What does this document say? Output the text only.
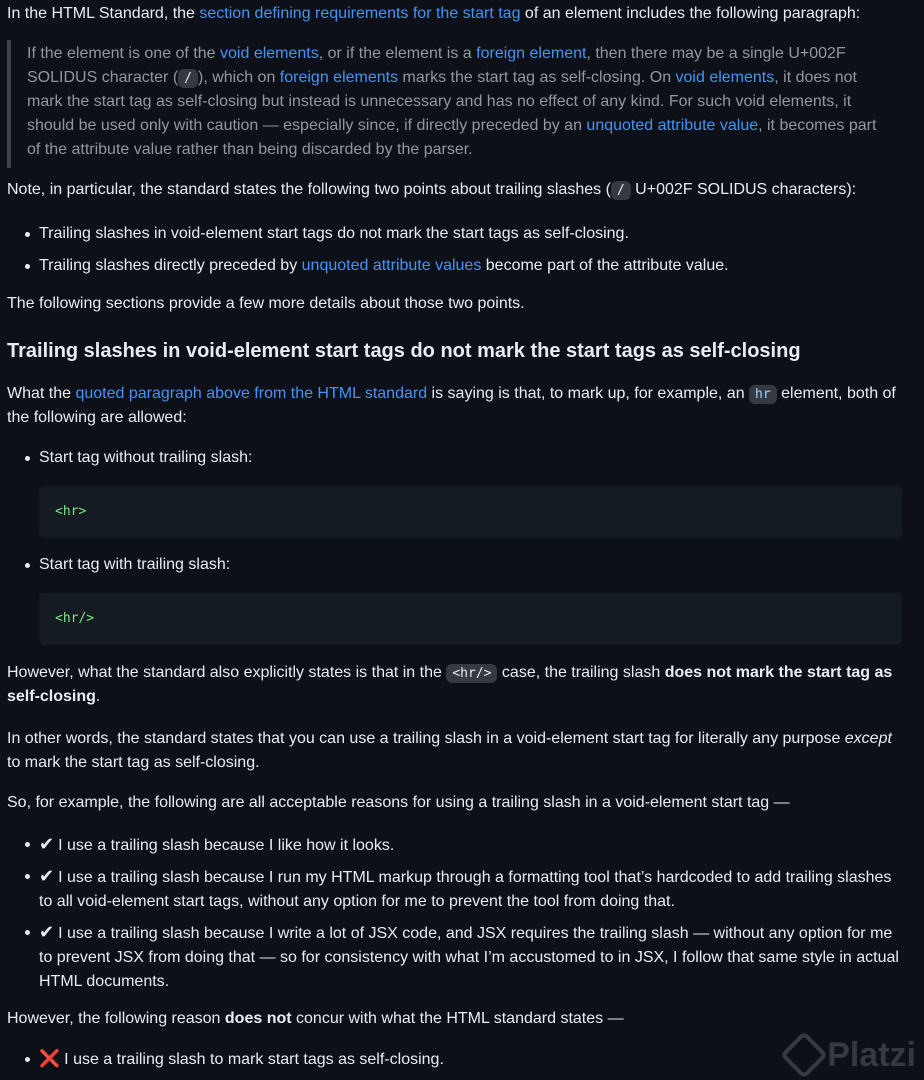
In the HTML Standard, the section defining requirements for the start tag of an element includes the following paragraph:

If the element is one of the void elements, or if the element is a foreign element, then there may be a single U+002F SOLIDUS character ( / ), which on foreign elements marks the start tag as self-closing. On void elements, it does not mark the start tag as self-closing but instead is unnecessary and has no effect of any kind. For such void elements, it should be used only with caution — especially since, if directly preceded by an unquoted attribute value, it becomes part of the attribute value rather than being discarded by the parser.

Note, in particular, the standard states the following two points about trailing slashes ( / U+002F SOLIDUS characters):

Trailing slashes in void-element start tags do not mark the start tags as self-closing.
Trailing slashes directly preceded by unquoted attribute values become part of the attribute value.

The following sections provide a few more details about those two points.

Trailing slashes in void-element start tags do not mark the start tags as self-closing

What the quoted paragraph above from the HTML standard is saying is that, to mark up, for example, an hr element, both of the following are allowed:

Start tag without trailing slash:
<hr>
Start tag with trailing slash:
<hr/>

However, what the standard also explicitly states is that in the <hr/> case, the trailing slash does not mark the start tag as self-closing.

In other words, the standard states that you can use a trailing slash in a void-element start tag for literally any purpose except to mark the start tag as self-closing.

So, for example, the following are all acceptable reasons for using a trailing slash in a void-element start tag —

✔ I use a trailing slash because I like how it looks.
✔ I use a trailing slash because I run my HTML markup through a formatting tool that’s hardcoded to add trailing slashes to all void-element start tags, without any option for me to prevent the tool from doing that.
✔ I use a trailing slash because I write a lot of JSX code, and JSX requires the trailing slash — without any option for me to prevent JSX from doing that — so for consistency with what I’m accustomed to in JSX, I follow that same style in actual HTML documents.

However, the following reason does not concur with what the HTML standard states —

❌ I use a trailing slash to mark start tags as self-closing.	Platzi
